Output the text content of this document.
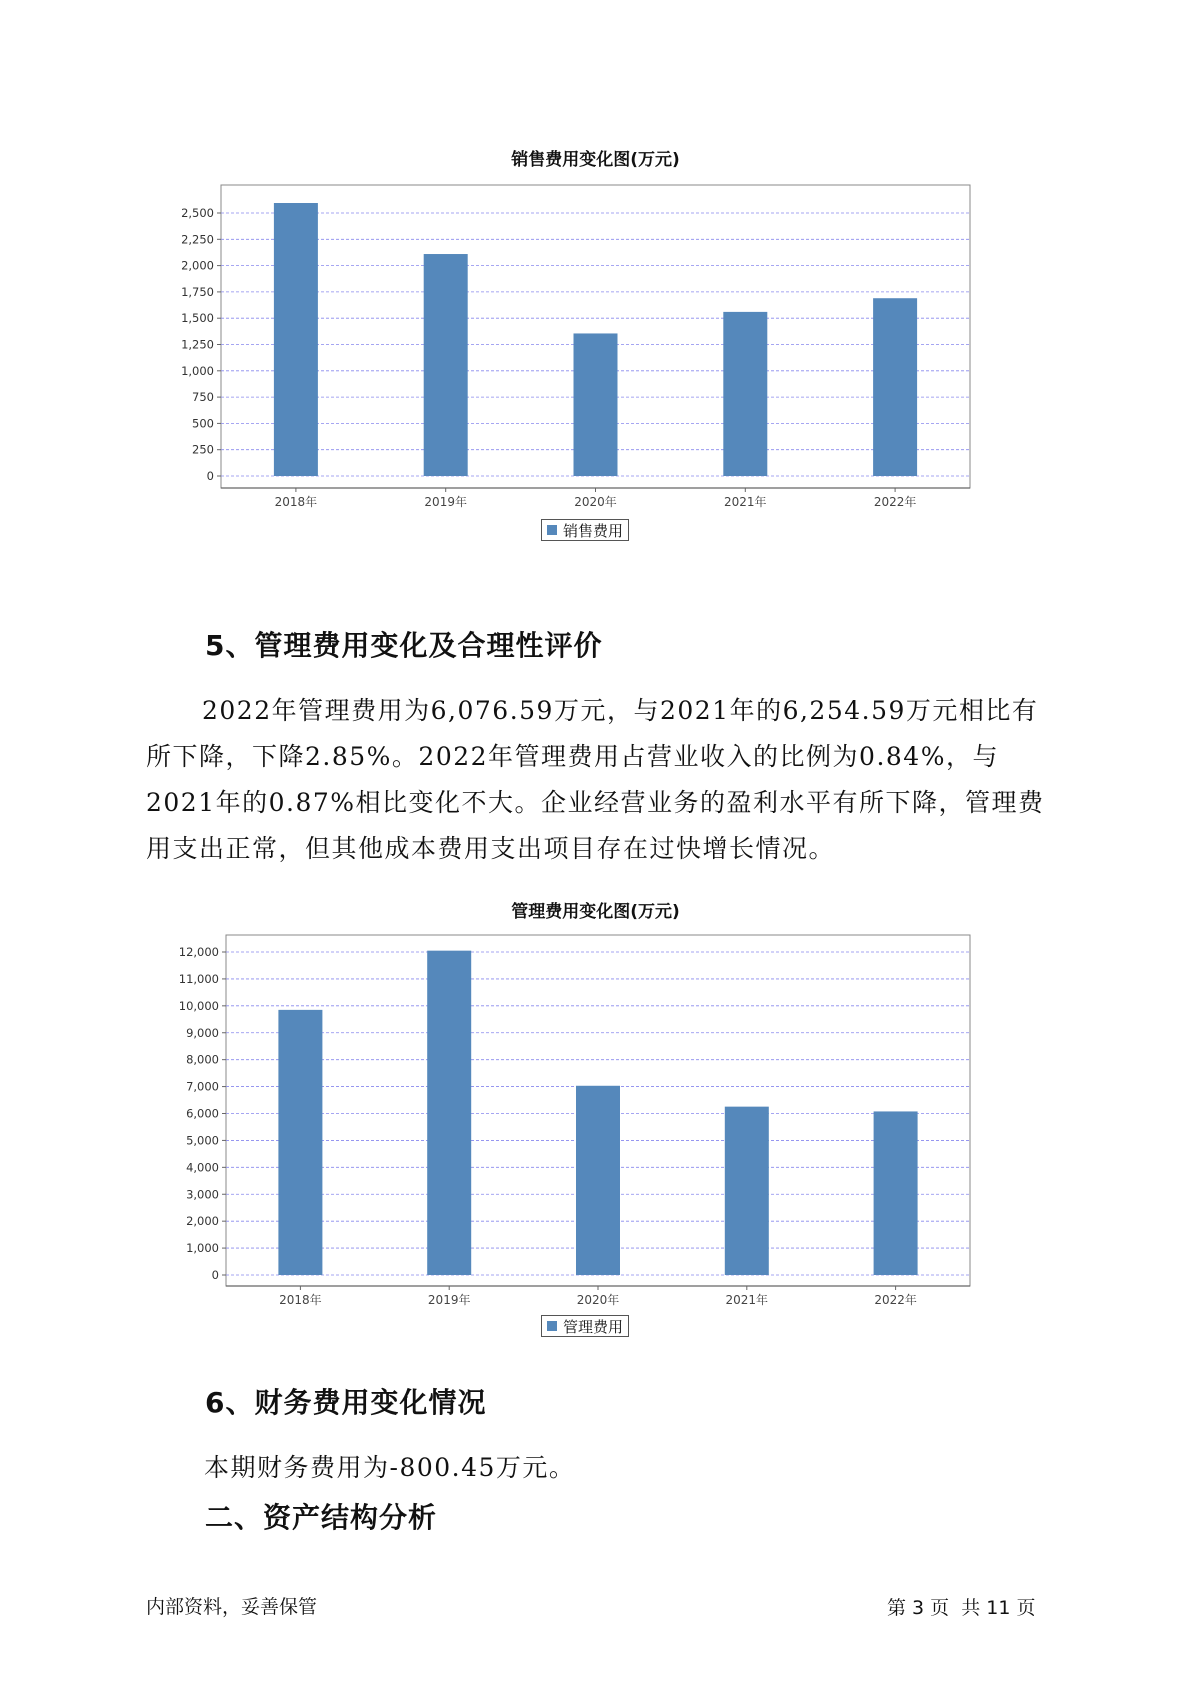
销售费用变化图(万元)
0
250
500
750
1,000
1,250
1,500
1,750
2,000
2,250
2,500
2018年	2019年	2020年	2021年	2022年
销售费用
5、管理费用变化及合理性评价
2022年管理费用为6,076.59万元，与2021年的6,254.59万元相比有所下降，下降2.85%。2022年管理费用占营业收入的比例为0.84%，与2021年的0.87%相比变化不大。企业经营业务的盈利水平有所下降，管理费用支出正常，但其他成本费用支出项目存在过快增长情况。
管理费用变化图(万元)
0
1,000
2,000
3,000
4,000
5,000
6,000
7,000
8,000
9,000
10,000
11,000
12,000
2018年	2019年	2020年	2021年	2022年
管理费用
6、财务费用变化情况
本期财务费用为-800.45万元。
二、资产结构分析
内部资料，妥善保管	第 3 页  共 11 页
